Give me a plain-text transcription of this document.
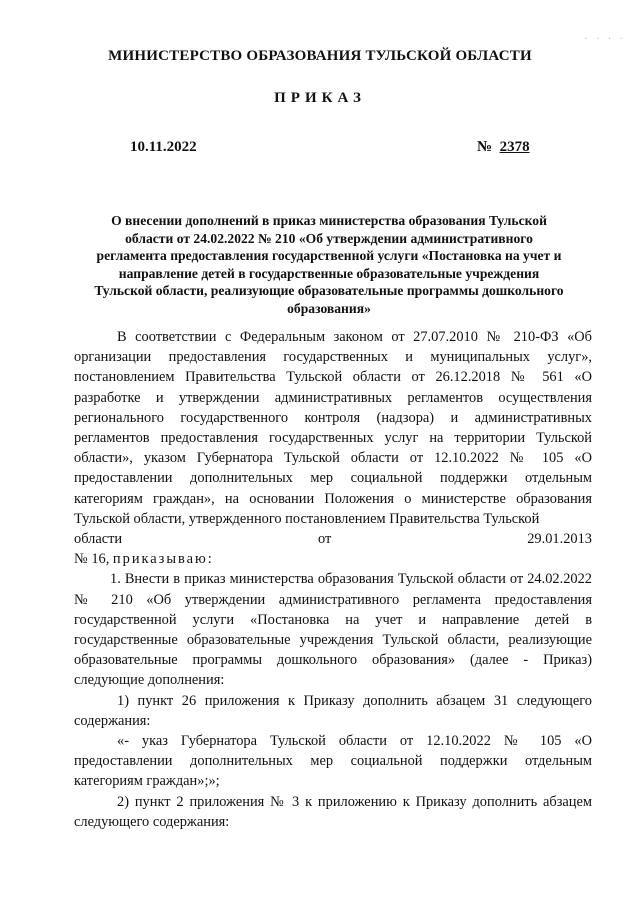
· · · ·
МИНИСТЕРСТВО ОБРАЗОВАНИЯ ТУЛЬСКОЙ ОБЛАСТИ
ПРИКАЗ
10.11.2022	№ 2378
О внесении дополнений в приказ министерства образования Тульской области от 24.02.2022 № 210 «Об утверждении административного регламента предоставления государственной услуги «Постановка на учет и направление детей в государственные образовательные учреждения Тульской области, реализующие образовательные программы дошкольного образования»

В соответствии с Федеральным законом от 27.07.2010 № 210-ФЗ «Об организации предоставления государственных и муниципальных услуг», постановлением Правительства Тульской области от 26.12.2018 № 561 «О разработке и утверждении административных регламентов осуществления регионального государственного контроля (надзора) и административных регламентов предоставления государственных услуг на территории Тульской области», указом Губернатора Тульской области от 12.10.2022 № 105 «О предоставлении дополнительных мер социальной поддержки отдельным категориям граждан», на основании Положения о министерстве образования Тульской области, утвержденного постановлением Правительства Тульской

области	от	29.01.2013

№ 16, приказываю:

1. Внести в приказ министерства образования Тульской области от 24.02.2022 № 210 «Об утверждении административного регламента предоставления государственной услуги «Постановка на учет и направление детей в государственные образовательные учреждения Тульской области, реализующие образовательные программы дошкольного образования» (далее - Приказ) следующие дополнения:

1) пункт 26 приложения к Приказу дополнить абзацем 31 следующего содержания:

«- указ Губернатора Тульской области от 12.10.2022 № 105 «О предоставлении дополнительных мер социальной поддержки отдельным категориям граждан»;»;

2) пункт 2 приложения № 3 к приложению к Приказу дополнить абзацем следующего содержания:
